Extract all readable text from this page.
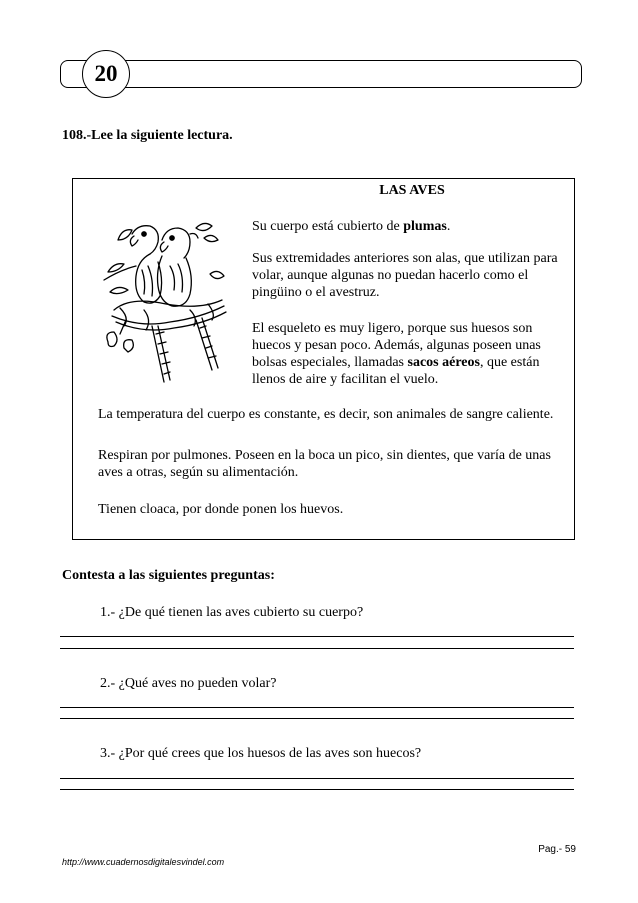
20
108.-Lee la siguiente lectura.
LAS AVES

Su cuerpo está cubierto de plumas.

Sus extremidades anteriores son alas, que utilizan para volar, aunque algunas no puedan hacerlo como el pingüino o el avestruz.

El esqueleto es muy ligero, porque sus huesos son huecos y pesan poco. Además, algunas poseen unas bolsas especiales, llamadas sacos aéreos, que están llenos de aire y facilitan el vuelo.

La temperatura del cuerpo es constante, es decir, son animales de sangre caliente.

Respiran por pulmones. Poseen en la boca un pico, sin dientes, que varía de unas aves a otras, según su alimentación.

Tienen cloaca, por donde ponen los huevos.

Contesta a las siguientes preguntas:
1.- ¿De qué tienen las aves cubierto su cuerpo?
2.- ¿Qué aves no pueden volar?
3.- ¿Por qué crees que los huesos de las aves son huecos?
Pag.- 59
http://www.cuadernosdigitalesvindel.com
